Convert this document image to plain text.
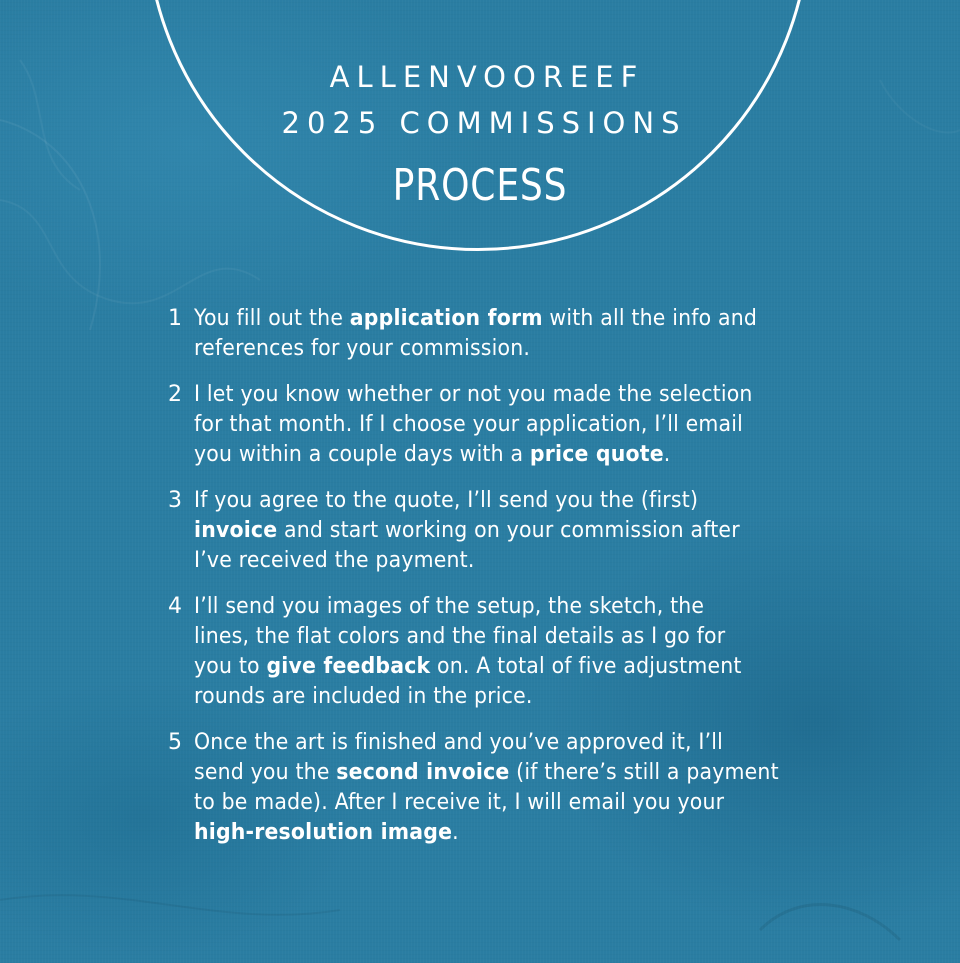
ALLENVOOREEF
2025 COMMISSIONS
PROCESS
1 You fill out the application form with all the info and
references for your commission.
2 I let you know whether or not you made the selection
for that month. If I choose your application, I’ll email
you within a couple days with a price quote.
3 If you agree to the quote, I’ll send you the (first)
invoice and start working on your commission after
I’ve received the payment.
4 I’ll send you images of the setup, the sketch, the
lines, the flat colors and the final details as I go for
you to give feedback on. A total of five adjustment
rounds are included in the price.
5 Once the art is finished and you’ve approved it, I’ll
send you the second invoice (if there’s still a payment
to be made). After I receive it, I will email you your
high-resolution image.
